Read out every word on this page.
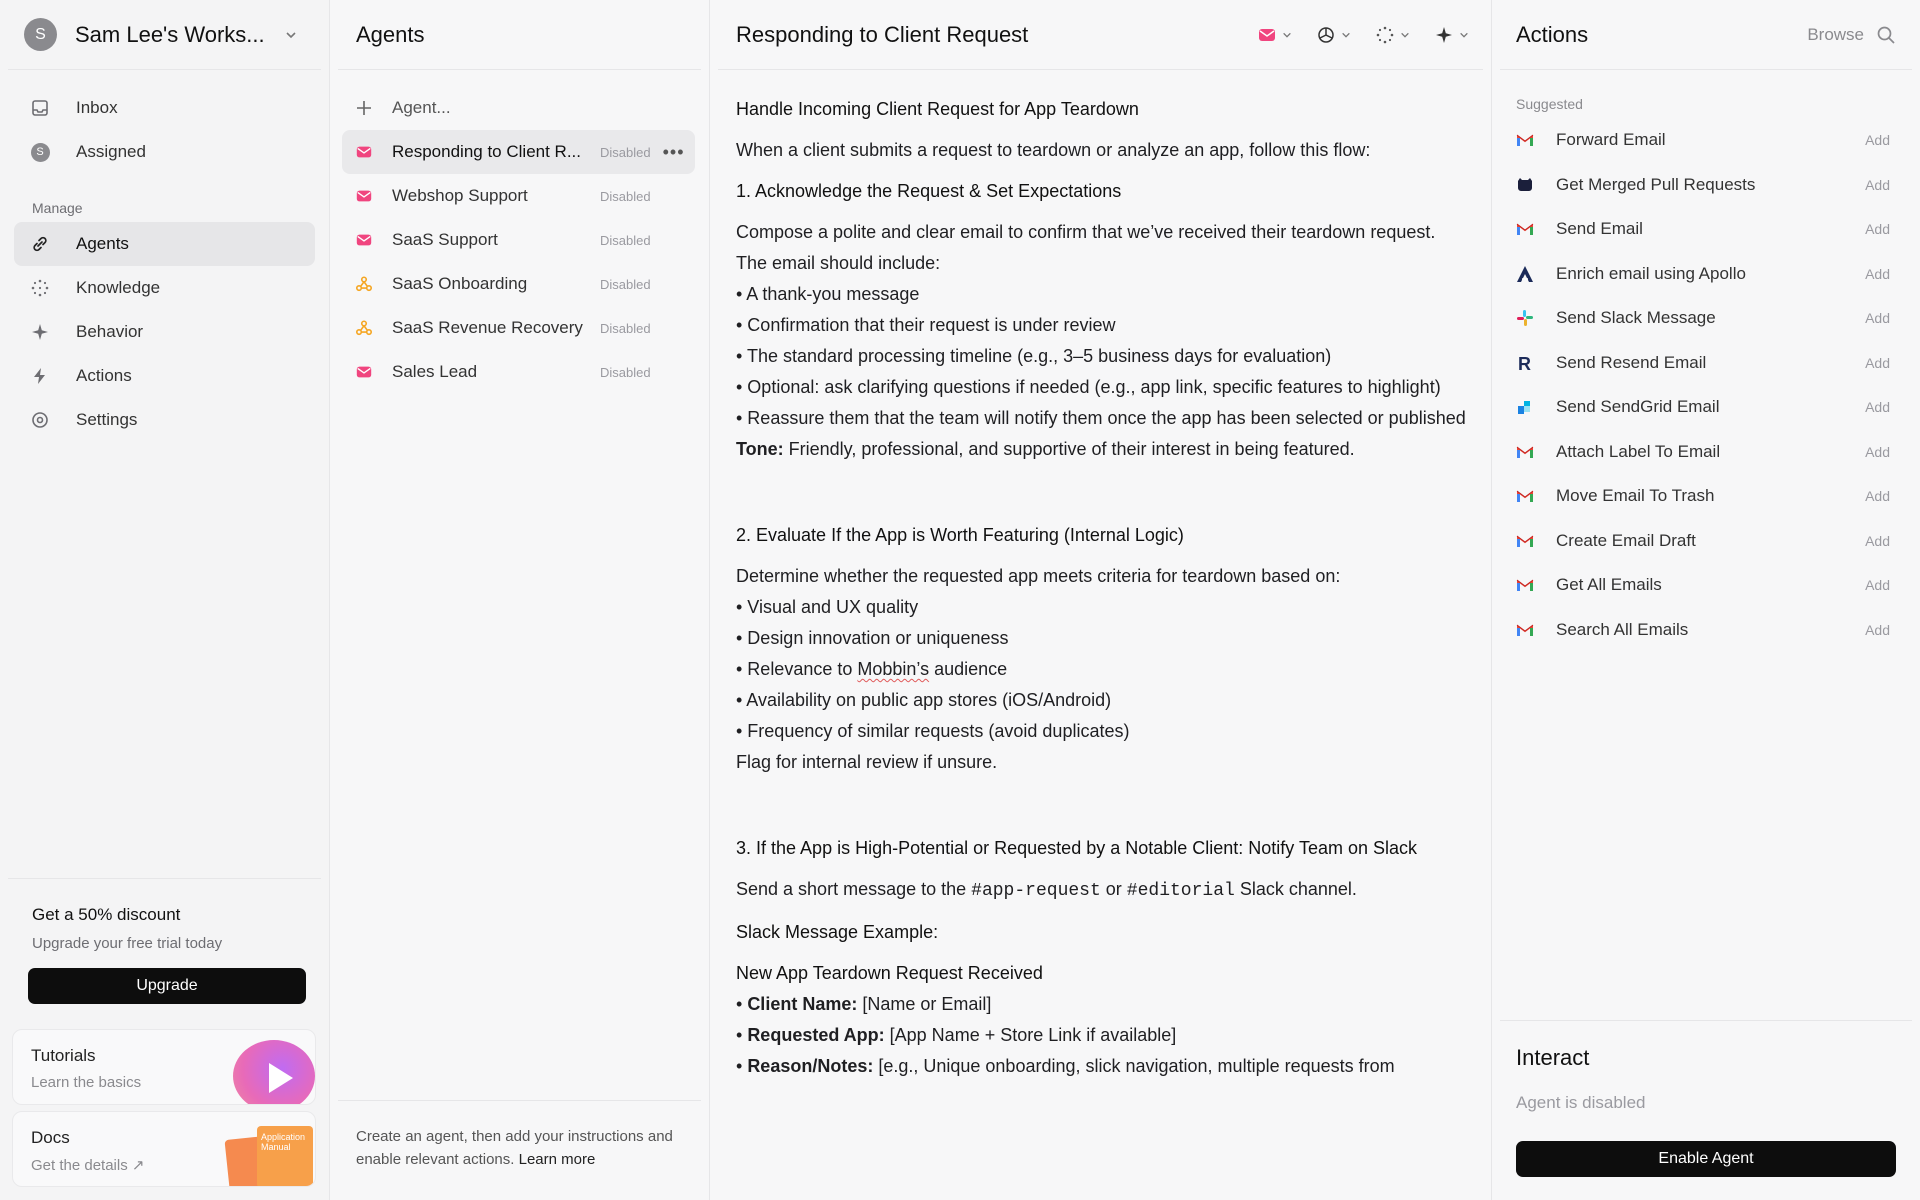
S	Sam Lee's Works...
Inbox
S	Assigned
Manage
Agents
Knowledge
Behavior
Actions
Settings
Get a 50% discount
Upgrade your free trial today
Upgrade
Tutorials
Learn the basics
Docs
Get the details ↗
Application Manual
Agents
Agent...
Responding to Client R...	Disabled •••
Webshop Support	Disabled
SaaS Support	Disabled
SaaS Onboarding	Disabled
SaaS Revenue Recovery	Disabled
Sales Lead	Disabled
Create an agent, then add your instructions and enable relevant actions. Learn more
Responding to Client Request
Handle Incoming Client Request for App Teardown
When a client submits a request to teardown or analyze an app, follow this flow:
1. Acknowledge the Request & Set Expectations
Compose a polite and clear email to confirm that we’ve received their teardown request. The email should include:
• A thank-you message
• Confirmation that their request is under review
• The standard processing timeline (e.g., 3–5 business days for evaluation)
• Optional: ask clarifying questions if needed (e.g., app link, specific features to highlight)
• Reassure them that the team will notify them once the app has been selected or published
Tone: Friendly, professional, and supportive of their interest in being featured.
2. Evaluate If the App is Worth Featuring (Internal Logic)
Determine whether the requested app meets criteria for teardown based on:
• Visual and UX quality
• Design innovation or uniqueness
• Relevance to Mobbin’s audience
• Availability on public app stores (iOS/Android)
• Frequency of similar requests (avoid duplicates)
Flag for internal review if unsure.
3. If the App is High-Potential or Requested by a Notable Client: Notify Team on Slack
Send a short message to the #app-request or #editorial Slack channel.
Slack Message Example:
New App Teardown Request Received
• Client Name: [Name or Email]
• Requested App: [App Name + Store Link if available]
• Reason/Notes: [e.g., Unique onboarding, slick navigation, multiple requests from
Actions	Browse
Suggested
Forward Email	Add
Get Merged Pull Requests	Add
Send Email	Add
Enrich email using Apollo	Add
Send Slack Message	Add
R Send Resend Email	Add
Send SendGrid Email	Add
Attach Label To Email	Add
Move Email To Trash	Add
Create Email Draft	Add
Get All Emails	Add
Search All Emails	Add
Interact
Agent is disabled
Enable Agent
